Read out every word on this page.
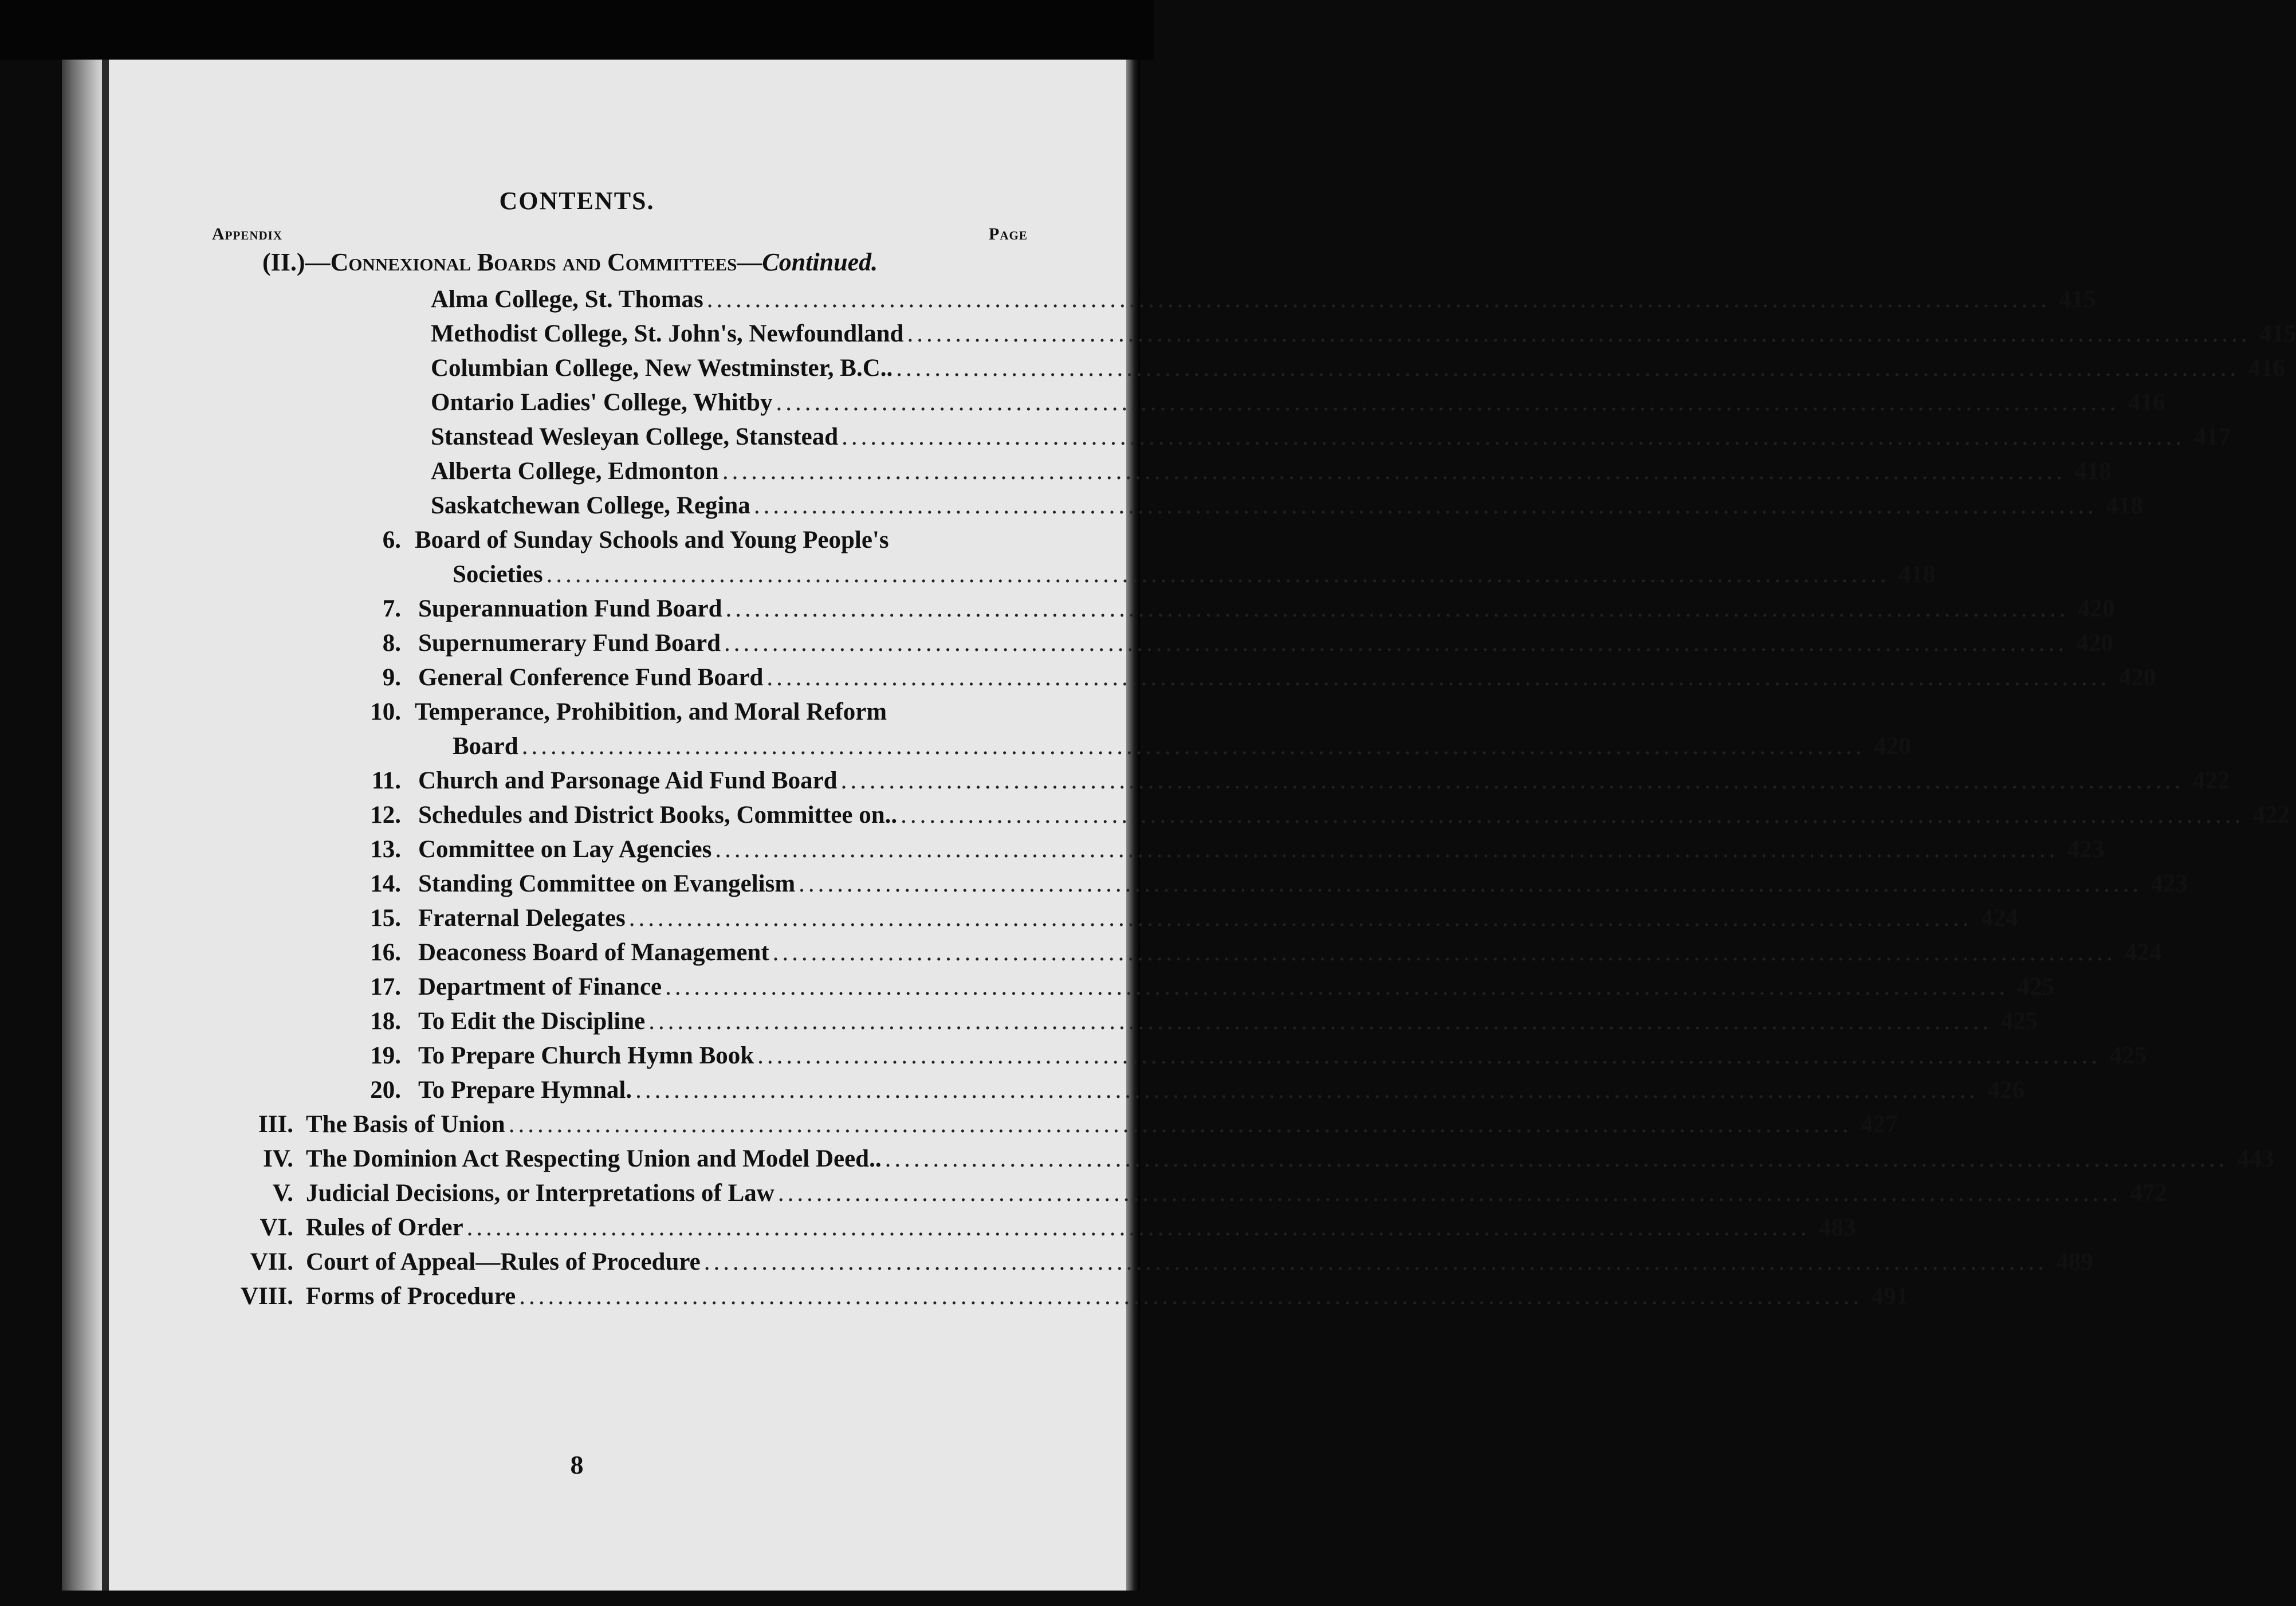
CONTENTS.
Appendix	Page
(II.)—Connexional Boards and Committees—Continued.
Alma College, St. Thomas ............................................................................................................................................ 415
Methodist College, St. John's, Newfoundland ............................................................................................................................................ 415
Columbian College, New Westminster, B.C.. ............................................................................................................................................ 416
Ontario Ladies' College, Whitby ............................................................................................................................................ 416
Stanstead Wesleyan College, Stanstead ............................................................................................................................................ 417
Alberta College, Edmonton ............................................................................................................................................ 418
Saskatchewan College, Regina ............................................................................................................................................ 418
6. Board of Sunday Schools and Young People's
Societies ............................................................................................................................................ 418
7. Superannuation Fund Board ............................................................................................................................................ 420
8. Supernumerary Fund Board ............................................................................................................................................ 420
9. General Conference Fund Board ............................................................................................................................................ 420
10. Temperance, Prohibition, and Moral Reform
Board ............................................................................................................................................ 420
11. Church and Parsonage Aid Fund Board ............................................................................................................................................ 422
12. Schedules and District Books, Committee on.. ............................................................................................................................................ 422
13. Committee on Lay Agencies ............................................................................................................................................ 423
14. Standing Committee on Evangelism ............................................................................................................................................ 423
15. Fraternal Delegates ............................................................................................................................................ 424
16. Deaconess Board of Management ............................................................................................................................................ 424
17. Department of Finance ............................................................................................................................................ 425
18. To Edit the Discipline ............................................................................................................................................ 425
19. To Prepare Church Hymn Book ............................................................................................................................................ 425
20. To Prepare Hymnal. ............................................................................................................................................ 426
III. The Basis of Union ............................................................................................................................................ 427
IV. The Dominion Act Respecting Union and Model Deed.. ............................................................................................................................................ 443
V. Judicial Decisions, or Interpretations of Law ............................................................................................................................................ 472
VI. Rules of Order ............................................................................................................................................ 483
VII. Court of Appeal—Rules of Procedure ............................................................................................................................................ 489
VIII. Forms of Procedure ............................................................................................................................................ 491
8
